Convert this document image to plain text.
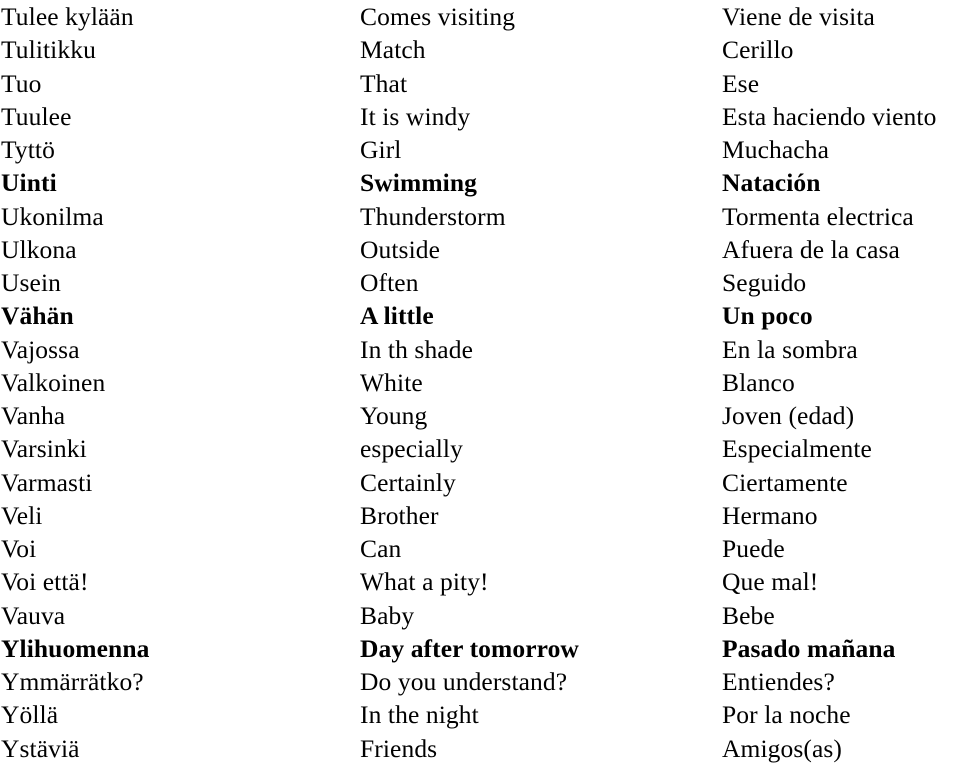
Tulee kylään	Comes visiting	Viene de visita
Tulitikku	Match	Cerillo
Tuo	That	Ese
Tuulee	It is windy	Esta haciendo viento
Tyttö	Girl	Muchacha
Uinti	Swimming	Natación
Ukonilma	Thunderstorm	Tormenta electrica
Ulkona	Outside	Afuera de la casa
Usein	Often	Seguido
Vähän	A little	Un poco
Vajossa	In th shade	En la sombra
Valkoinen	White	Blanco
Vanha	Young	Joven (edad)
Varsinki	especially	Especialmente
Varmasti	Certainly	Ciertamente
Veli	Brother	Hermano
Voi	Can	Puede
Voi että!	What a pity!	Que mal!
Vauva	Baby	Bebe
Ylihuomenna	Day after tomorrow	Pasado mañana
Ymmärrätko?	Do you understand?	Entiendes?
Yöllä	In the night	Por la noche
Ystäviä	Friends	Amigos(as)
